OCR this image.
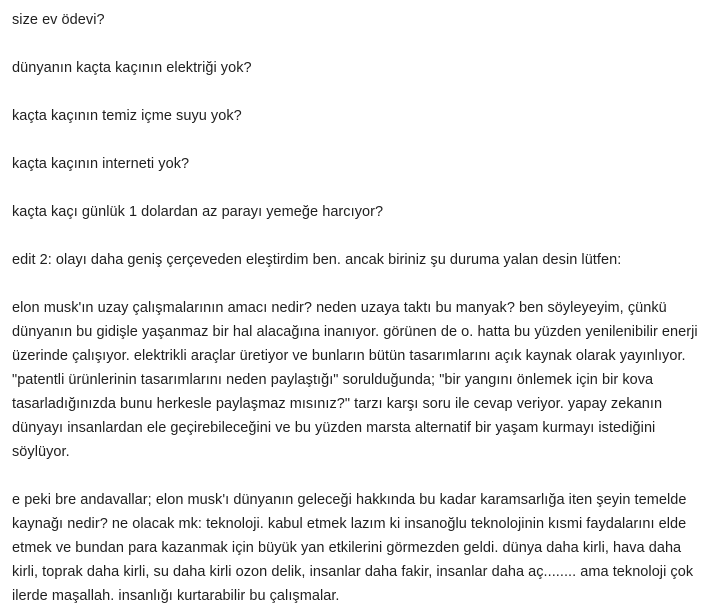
size ev ödevi?

dünyanın kaçta kaçının elektriği yok?

kaçta kaçının temiz içme suyu yok?

kaçta kaçının interneti yok?

kaçta kaçı günlük 1 dolardan az parayı yemeğe harcıyor?

edit 2: olayı daha geniş çerçeveden eleştirdim ben. ancak biriniz şu duruma yalan desin lütfen:

elon musk'ın uzay çalışmalarının amacı nedir? neden uzaya taktı bu manyak? ben söyleyeyim, çünkü dünyanın bu gidişle yaşanmaz bir hal alacağına inanıyor. görünen de o. hatta bu yüzden yenilenibilir enerji üzerinde çalışıyor. elektrikli araçlar üretiyor ve bunların bütün tasarımlarını açık kaynak olarak yayınlıyor. "patentli ürünlerinin tasarımlarını neden paylaştığı" sorulduğunda; "bir yangını önlemek için bir kova tasarladığınızda bunu herkesle paylaşmaz mısınız?" tarzı karşı soru ile cevap veriyor. yapay zekanın dünyayı insanlardan ele geçirebileceğini ve bu yüzden marsta alternatif bir yaşam kurmayı istediğini söylüyor.

e peki bre andavallar; elon musk'ı dünyanın geleceği hakkında bu kadar karamsarlığa iten şeyin temelde kaynağı nedir? ne olacak mk: teknoloji. kabul etmek lazım ki insanoğlu teknolojinin kısmi faydalarını elde etmek ve bundan para kazanmak için büyük yan etkilerini görmezden geldi. dünya daha kirli, hava daha kirli, toprak daha kirli, su daha kirli ozon delik, insanlar daha fakir, insanlar daha aç........ ama teknoloji çok ilerde maşallah. insanlığı kurtarabilir bu çalışmalar.
